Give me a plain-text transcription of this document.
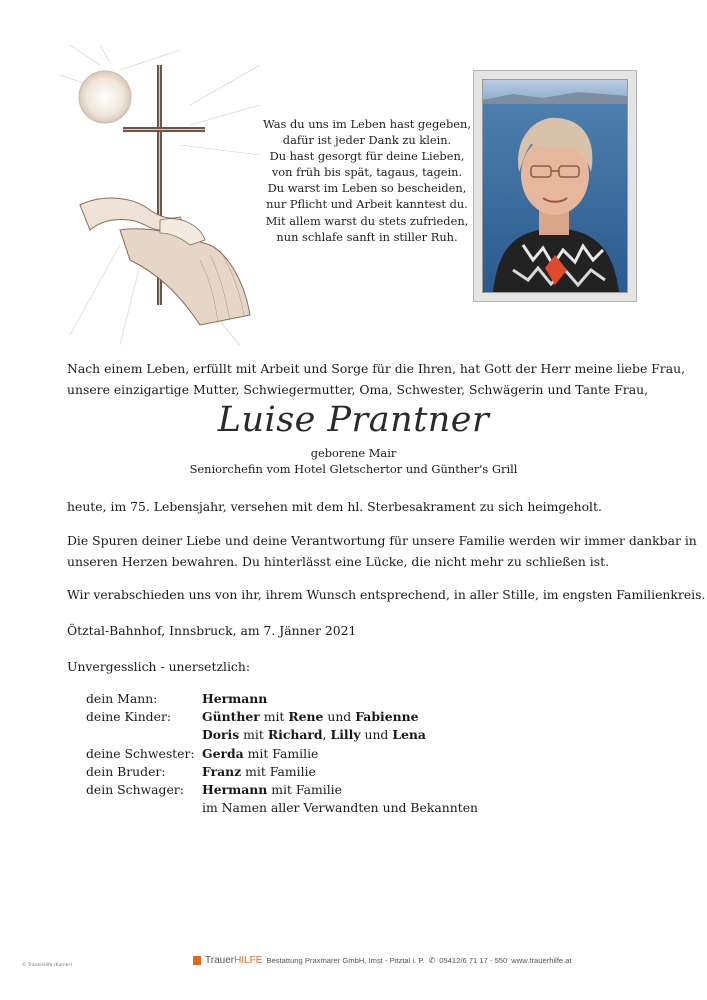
Was du uns im Leben hast gegeben,
dafür ist jeder Dank zu klein.
Du hast gesorgt für deine Lieben,
von früh bis spät, tagaus, tagein.
Du warst im Leben so bescheiden,
nur Pflicht und Arbeit kanntest du.
Mit allem warst du stets zufrieden,
nun schlafe sanft in stiller Ruh.
Nach einem Leben, erfüllt mit Arbeit und Sorge für die Ihren, hat Gott der Herr meine liebe Frau,
unsere einzigartige Mutter, Schwiegermutter, Oma, Schwester, Schwägerin und Tante Frau,
Luise Prantner
geborene Mair
Seniorchefin vom Hotel Gletschertor und Günther's Grill
heute, im 75. Lebensjahr, versehen mit dem hl. Sterbesakrament zu sich heimgeholt.
Die Spuren deiner Liebe und deine Verantwortung für unsere Familie werden wir immer dankbar in
unseren Herzen bewahren. Du hinterlässt eine Lücke, die nicht mehr zu schließen ist.
Wir verabschieden uns von ihr, ihrem Wunsch entsprechend, in aller Stille, im engsten Familienkreis.
Ötztal-Bahnhof, Innsbruck, am 7. Jänner 2021
Unvergesslich - unersetzlich:
dein Mann:	Hermann
deine Kinder:	Günther mit Rene und Fabienne
Doris mit Richard, Lilly und Lena
deine Schwester: Gerda mit Familie
dein Bruder:	Franz mit Familie
dein Schwager:	Hermann mit Familie
im Namen aller Verwandten und Bekannten
© TrauerHilfe (Karner)	TrauerHILFE Bestattung Praxmarer GmbH, Imst - Pitztal i. P. ✆ 05412/6 71 17 - 550 www.trauerhilfe.at
